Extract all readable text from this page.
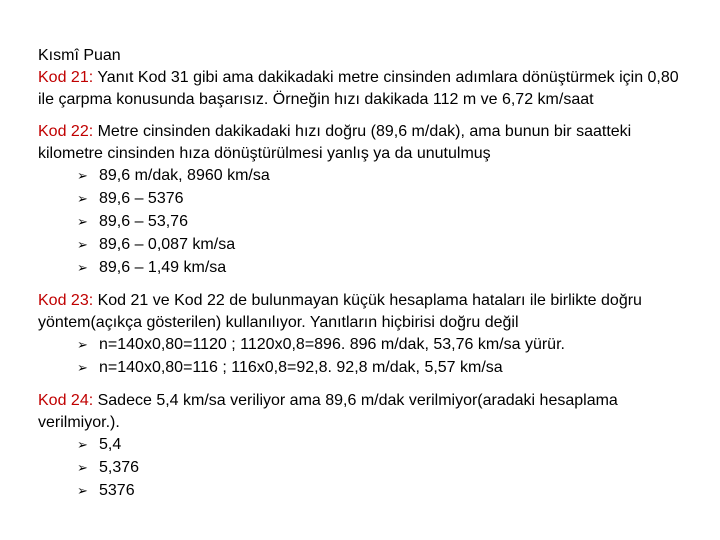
Kısmî Puan

Kod 21: Yanıt Kod 31 gibi ama dakikadaki metre cinsinden adımlara dönüştürmek için 0,80 ile çarpma konusunda başarısız. Örneğin hızı dakikada 112 m ve 6,72 km/saat

Kod 22: Metre cinsinden dakikadaki hızı doğru (89,6 m/dak), ama bunun bir saatteki kilometre cinsinden hıza dönüştürülmesi yanlış ya da unutulmuş

➢ 89,6 m/dak, 8960 km/sa
➢ 89,6 – 5376
➢ 89,6 – 53,76
➢ 89,6 – 0,087 km/sa
➢ 89,6 – 1,49 km/sa

Kod 23: Kod 21 ve Kod 22 de bulunmayan küçük hesaplama hataları ile birlikte doğru yöntem(açıkça gösterilen) kullanılıyor. Yanıtların hiçbirisi doğru değil

➢ n=140x0,80=1120 ; 1120x0,8=896. 896 m/dak, 53,76 km/sa yürür.
➢ n=140x0,80=116 ; 116x0,8=92,8. 92,8 m/dak, 5,57 km/sa

Kod 24: Sadece 5,4 km/sa veriliyor ama 89,6 m/dak verilmiyor(aradaki hesaplama verilmiyor.).

➢ 5,4
➢ 5,376
➢ 5376
